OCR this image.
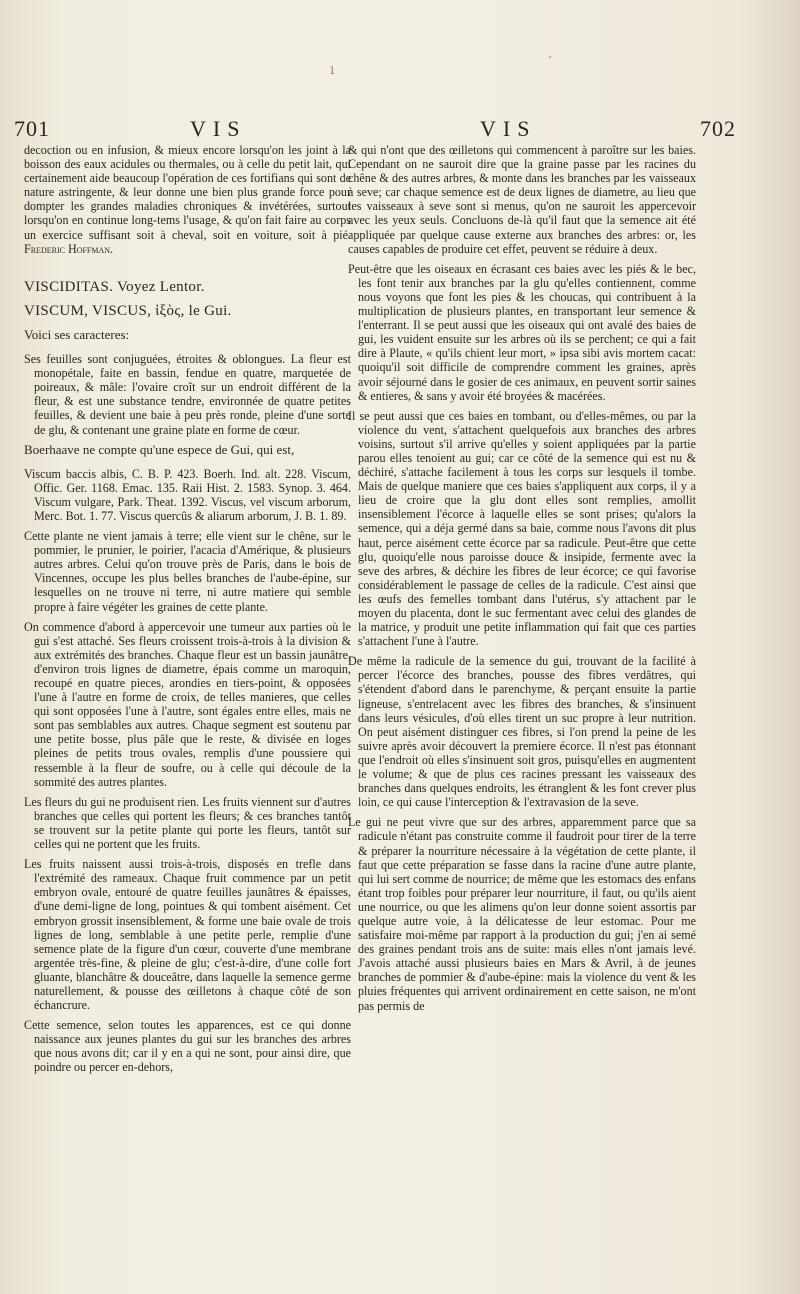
ı
·
701	VIS	VIS	702

decoction ou en infusion, & mieux encore lorsqu'on les joint à la boisson des eaux acidules ou thermales, ou à celle du petit lait, qui certainement aide beaucoup l'opération de ces fortifians qui sont de nature astringente, & leur donne une bien plus grande force pour dompter les grandes maladies chroniques & invétérées, surtout lorsqu'on en continue long-tems l'usage, & qu'on fait faire au corps un exercice suffisant soit à cheval, soit en voiture, soit à pié. Frederic Hoffman.

VISCIDITAS. Voyez Lentor.
VISCUM, VISCUS, ἰξὸς, le Gui.

Voici ses caracteres:

Ses feuilles sont conjuguées, étroites & oblongues. La fleur est monopétale, faite en bassin, fendue en quatre, marquetée de poireaux, & mâle: l'ovaire croît sur un endroit différent de la fleur, & est une substance tendre, environnée de quatre petites feuilles, & devient une baie à peu près ronde, pleine d'une sorte de glu, & contenant une graine plate en forme de cœur.

Boerhaave ne compte qu'une espece de Gui, qui est,

Viscum baccis albis, C. B. P. 423. Boerh. Ind. alt. 228. Viscum, Offic. Ger. 1168. Emac. 135. Raii Hist. 2. 1583. Synop. 3. 464. Viscum vulgare, Park. Theat. 1392. Viscus, vel viscum arborum, Merc. Bot. 1. 77. Viscus quercûs & aliarum arborum, J. B. 1. 89.

Cette plante ne vient jamais à terre; elle vient sur le chêne, sur le pommier, le prunier, le poirier, l'acacia d'Amérique, & plusieurs autres arbres. Celui qu'on trouve près de Paris, dans le bois de Vincennes, occupe les plus belles branches de l'aube-épine, sur lesquelles on ne trouve ni terre, ni autre matiere qui semble propre à faire végéter les graines de cette plante.

On commence d'abord à appercevoir une tumeur aux parties où le gui s'est attaché. Ses fleurs croissent trois-à-trois à la division & aux extrémités des branches. Chaque fleur est un bassin jaunâtre, d'environ trois lignes de diametre, épais comme un maroquin, recoupé en quatre pieces, arondies en tiers-point, & opposées l'une à l'autre en forme de croix, de telles manieres, que celles qui sont opposées l'une à l'autre, sont égales entre elles, mais ne sont pas semblables aux autres. Chaque segment est soutenu par une petite bosse, plus pâle que le reste, & divisée en loges pleines de petits trous ovales, remplis d'une poussiere qui ressemble à la fleur de soufre, ou à celle qui découle de la sommité des autres plantes.

Les fleurs du gui ne produisent rien. Les fruits viennent sur d'autres branches que celles qui portent les fleurs; & ces branches tantôt se trouvent sur la petite plante qui porte les fleurs, tantôt sur celles qui ne portent que les fruits.

Les fruits naissent aussi trois-à-trois, disposés en trefle dans l'extrémité des rameaux. Chaque fruit commence par un petit embryon ovale, entouré de quatre feuilles jaunâtres & épaisses, d'une demi-ligne de long, pointues & qui tombent aisément. Cet embryon grossit insensiblement, & forme une baie ovale de trois lignes de long, semblable à une petite perle, remplie d'une semence plate de la figure d'un cœur, couverte d'une membrane argentée très-fine, & pleine de glu; c'est-à-dire, d'une colle fort gluante, blanchâtre & douceâtre, dans laquelle la semence germe naturellement, & pousse des œilletons à chaque côté de son échancrure.

Cette semence, selon toutes les apparences, est ce qui donne naissance aux jeunes plantes du gui sur les branches des arbres que nous avons dit; car il y en a qui ne sont, pour ainsi dire, que poindre ou percer en-dehors,

& qui n'ont que des œilletons qui commencent à paroître sur les baies. Cependant on ne sauroit dire que la graine passe par les racines du chêne & des autres arbres, & monte dans les branches par les vaisseaux à seve; car chaque semence est de deux lignes de diametre, au lieu que les vaisseaux à seve sont si menus, qu'on ne sauroit les appercevoir avec les yeux seuls. Concluons de-là qu'il faut que la semence ait été appliquée par quelque cause externe aux branches des arbres: or, les causes capables de produire cet effet, peuvent se réduire à deux.

Peut-être que les oiseaux en écrasant ces baies avec les piés & le bec, les font tenir aux branches par la glu qu'elles contiennent, comme nous voyons que font les pies & les choucas, qui contribuent à la multiplication de plusieurs plantes, en transportant leur semence & l'enterrant. Il se peut aussi que les oiseaux qui ont avalé des baies de gui, les vuident ensuite sur les arbres où ils se perchent; ce qui a fait dire à Plaute, « qu'ils chient leur mort, » ipsa sibi avis mortem cacat: quoiqu'il soit difficile de comprendre comment les graines, après avoir séjourné dans le gosier de ces animaux, en peuvent sortir saines & entieres, & sans y avoir été broyées & macérées.

Il se peut aussi que ces baies en tombant, ou d'elles-mêmes, ou par la violence du vent, s'attachent quelquefois aux branches des arbres voisins, surtout s'il arrive qu'elles y soient appliquées par la partie parou elles tenoient au gui; car ce côté de la semence qui est nu & déchiré, s'attache facilement à tous les corps sur lesquels il tombe. Mais de quelque maniere que ces baies s'appliquent aux corps, il y a lieu de croire que la glu dont elles sont remplies, amollit insensiblement l'écorce à laquelle elles se sont prises; qu'alors la semence, qui a déja germé dans sa baie, comme nous l'avons dit plus haut, perce aisément cette écorce par sa radicule. Peut-être que cette glu, quoiqu'elle nous paroisse douce & insipide, fermente avec la seve des arbres, & déchire les fibres de leur écorce; ce qui favorise considérablement le passage de celles de la radicule. C'est ainsi que les œufs des femelles tombant dans l'utérus, s'y attachent par le moyen du placenta, dont le suc fermentant avec celui des glandes de la matrice, y produit une petite inflammation qui fait que ces parties s'attachent l'une à l'autre.

De même la radicule de la semence du gui, trouvant de la facilité à percer l'écorce des branches, pousse des fibres verdâtres, qui s'étendent d'abord dans le parenchyme, & perçant ensuite la partie ligneuse, s'entrelacent avec les fibres des branches, & s'insinuent dans leurs vésicules, d'où elles tirent un suc propre à leur nutrition. On peut aisément distinguer ces fibres, si l'on prend la peine de les suivre après avoir découvert la premiere écorce. Il n'est pas étonnant que l'endroit où elles s'insinuent soit gros, puisqu'elles en augmentent le volume; & que de plus ces racines pressant les vaisseaux des branches dans quelques endroits, les étranglent & les font crever plus loin, ce qui cause l'interception & l'extravasion de la seve.

Le gui ne peut vivre que sur des arbres, apparemment parce que sa radicule n'étant pas construite comme il faudroit pour tirer de la terre & préparer la nourriture nécessaire à la végétation de cette plante, il faut que cette préparation se fasse dans la racine d'une autre plante, qui lui sert comme de nourrice; de même que les estomacs des enfans étant trop foibles pour préparer leur nourriture, il faut, ou qu'ils aient une nourrice, ou que les alimens qu'on leur donne soient assortis par quelque autre voie, à la délicatesse de leur estomac. Pour me satisfaire moi-même par rapport à la production du gui; j'en ai semé des graines pendant trois ans de suite: mais elles n'ont jamais levé. J'avois attaché aussi plusieurs baies en Mars & Avril, à de jeunes branches de pommier & d'aube-épine: mais la violence du vent & les pluies fréquentes qui arrivent ordinairement en cette saison, ne m'ont pas permis de
